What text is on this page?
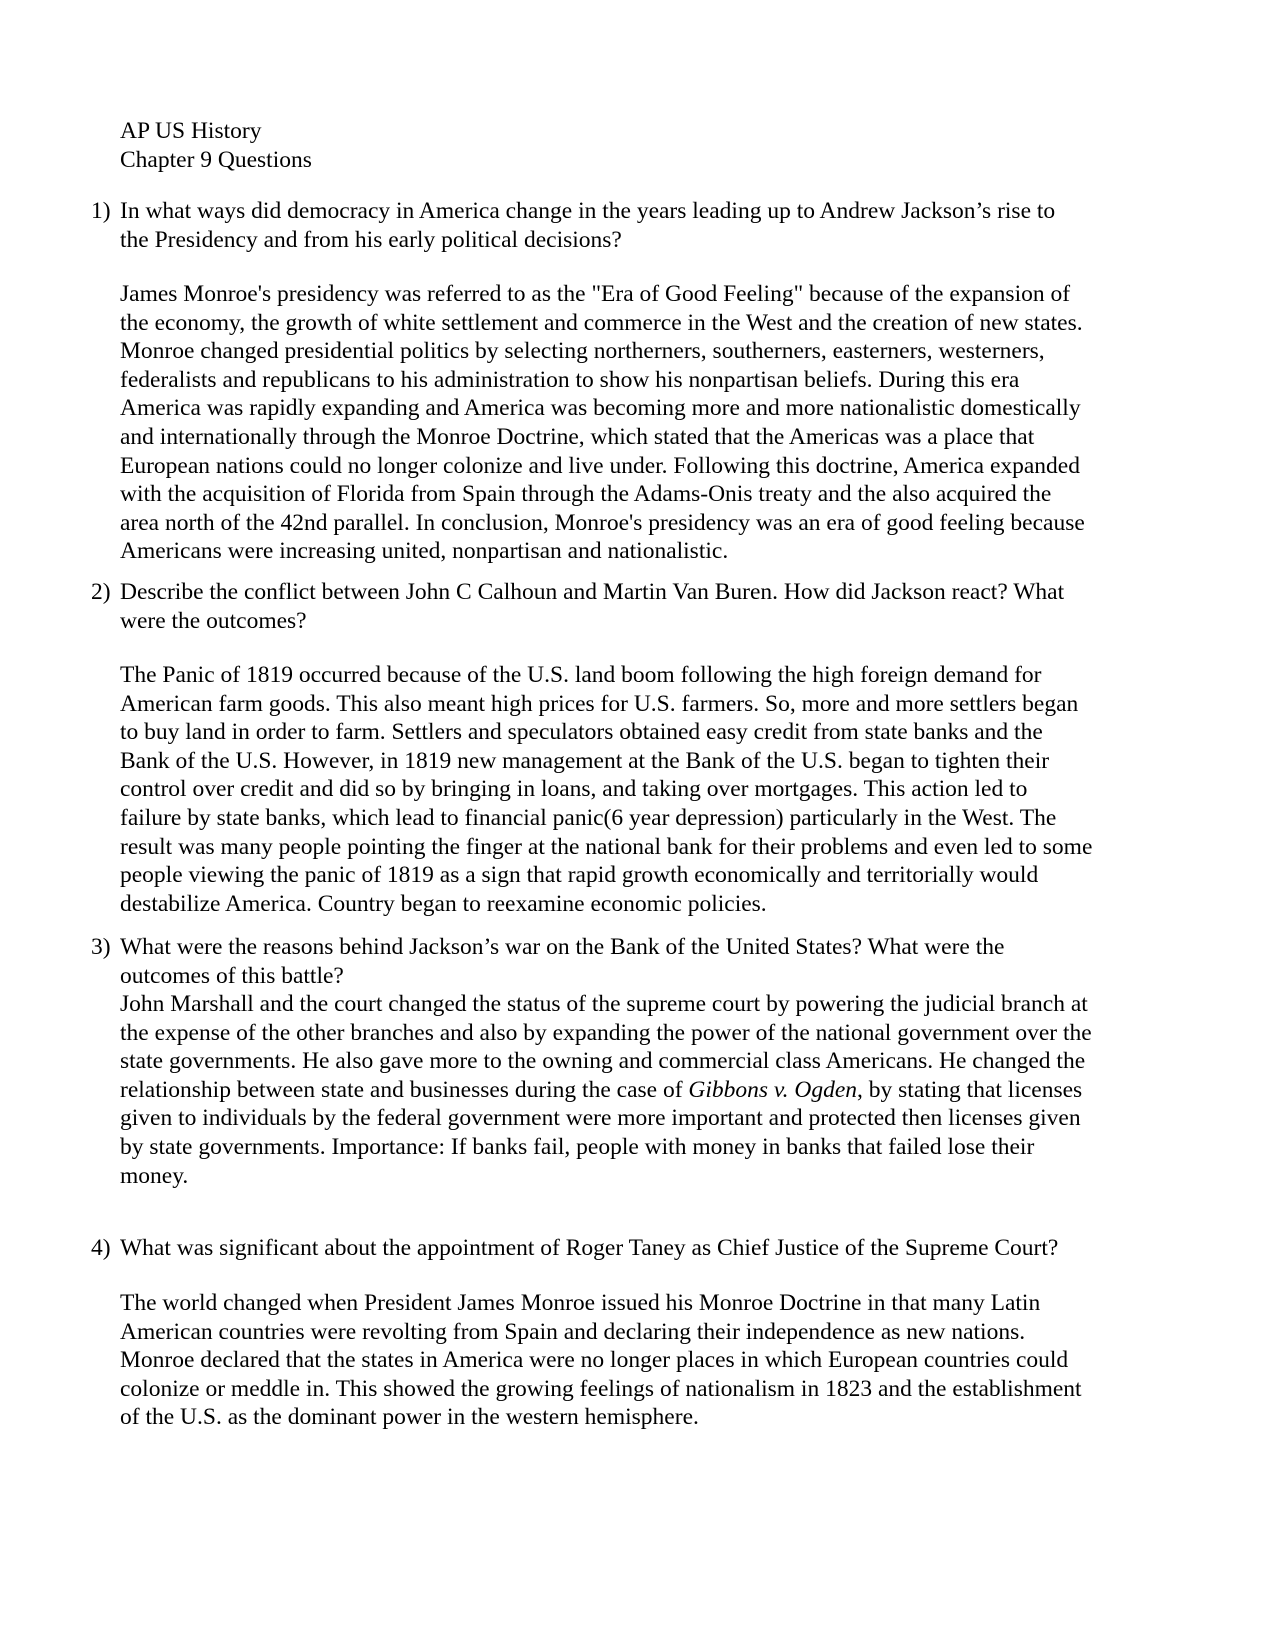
AP US History
Chapter 9 Questions
1) In what ways did democracy in America change in the years leading up to Andrew Jackson’s rise to
the Presidency and from his early political decisions?
James Monroe's presidency was referred to as the "Era of Good Feeling" because of the expansion of
the economy, the growth of white settlement and commerce in the West and the creation of new states.
Monroe changed presidential politics by selecting northerners, southerners, easterners, westerners,
federalists and republicans to his administration to show his nonpartisan beliefs. During this era
America was rapidly expanding and America was becoming more and more nationalistic domestically
and internationally through the Monroe Doctrine, which stated that the Americas was a place that
European nations could no longer colonize and live under. Following this doctrine, America expanded
with the acquisition of Florida from Spain through the Adams-Onis treaty and the also acquired the
area north of the 42nd parallel. In conclusion, Monroe's presidency was an era of good feeling because
Americans were increasing united, nonpartisan and nationalistic.
2) Describe the conflict between John C Calhoun and Martin Van Buren. How did Jackson react? What
were the outcomes?
The Panic of 1819 occurred because of the U.S. land boom following the high foreign demand for
American farm goods. This also meant high prices for U.S. farmers. So, more and more settlers began
to buy land in order to farm. Settlers and speculators obtained easy credit from state banks and the
Bank of the U.S. However, in 1819 new management at the Bank of the U.S. began to tighten their
control over credit and did so by bringing in loans, and taking over mortgages. This action led to
failure by state banks, which lead to financial panic(6 year depression) particularly in the West. The
result was many people pointing the finger at the national bank for their problems and even led to some
people viewing the panic of 1819 as a sign that rapid growth economically and territorially would
destabilize America. Country began to reexamine economic policies.
3) What were the reasons behind Jackson’s war on the Bank of the United States? What were the
outcomes of this battle?
John Marshall and the court changed the status of the supreme court by powering the judicial branch at
the expense of the other branches and also by expanding the power of the national government over the
state governments. He also gave more to the owning and commercial class Americans. He changed the
relationship between state and businesses during the case of Gibbons v. Ogden, by stating that licenses
given to individuals by the federal government were more important and protected then licenses given
by state governments. Importance: If banks fail, people with money in banks that failed lose their
money.
4) What was significant about the appointment of Roger Taney as Chief Justice of the Supreme Court?
The world changed when President James Monroe issued his Monroe Doctrine in that many Latin
American countries were revolting from Spain and declaring their independence as new nations.
Monroe declared that the states in America were no longer places in which European countries could
colonize or meddle in. This showed the growing feelings of nationalism in 1823 and the establishment
of the U.S. as the dominant power in the western hemisphere.
